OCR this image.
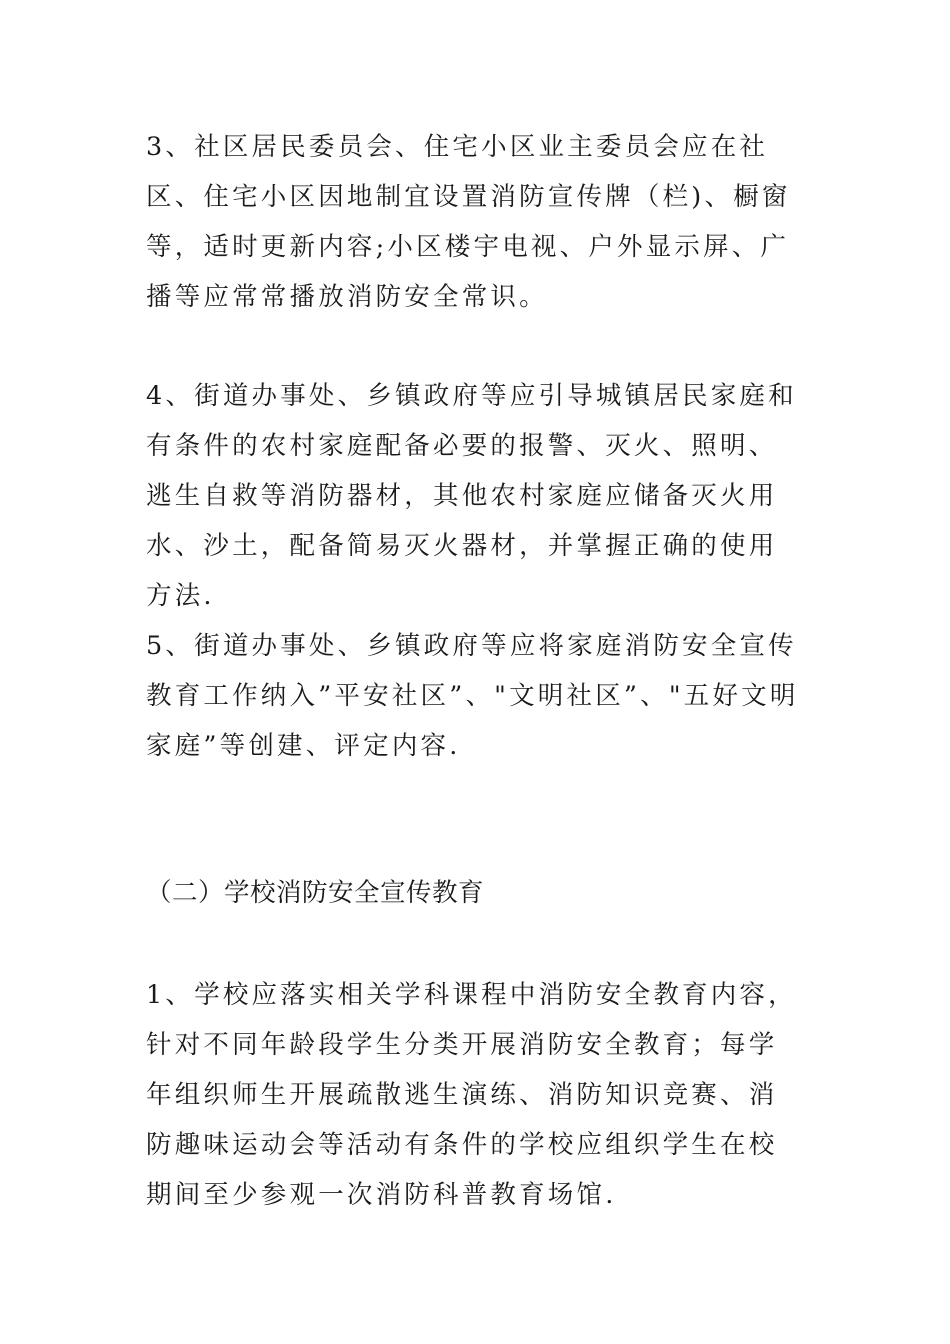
3、社区居民委员会、住宅小区业主委员会应在社区、住宅小区因地制宜设置消防宣传牌（栏)、橱窗等，适时更新内容;小区楼宇电视、户外显示屏、广播等应常常播放消防安全常识。

4、街道办事处、乡镇政府等应引导城镇居民家庭和有条件的农村家庭配备必要的报警、灭火、照明、逃生自救等消防器材，其他农村家庭应储备灭火用水、沙土，配备简易灭火器材，并掌握正确的使用方法.

5、街道办事处、乡镇政府等应将家庭消防安全宣传教育工作纳入”平安社区”、"文明社区”、"五好文明家庭”等创建、评定内容.

（二）学校消防安全宣传教育

1、学校应落实相关学科课程中消防安全教育内容，针对不同年龄段学生分类开展消防安全教育；每学年组织师生开展疏散逃生演练、消防知识竞赛、消防趣味运动会等活动有条件的学校应组织学生在校期间至少参观一次消防科普教育场馆.
